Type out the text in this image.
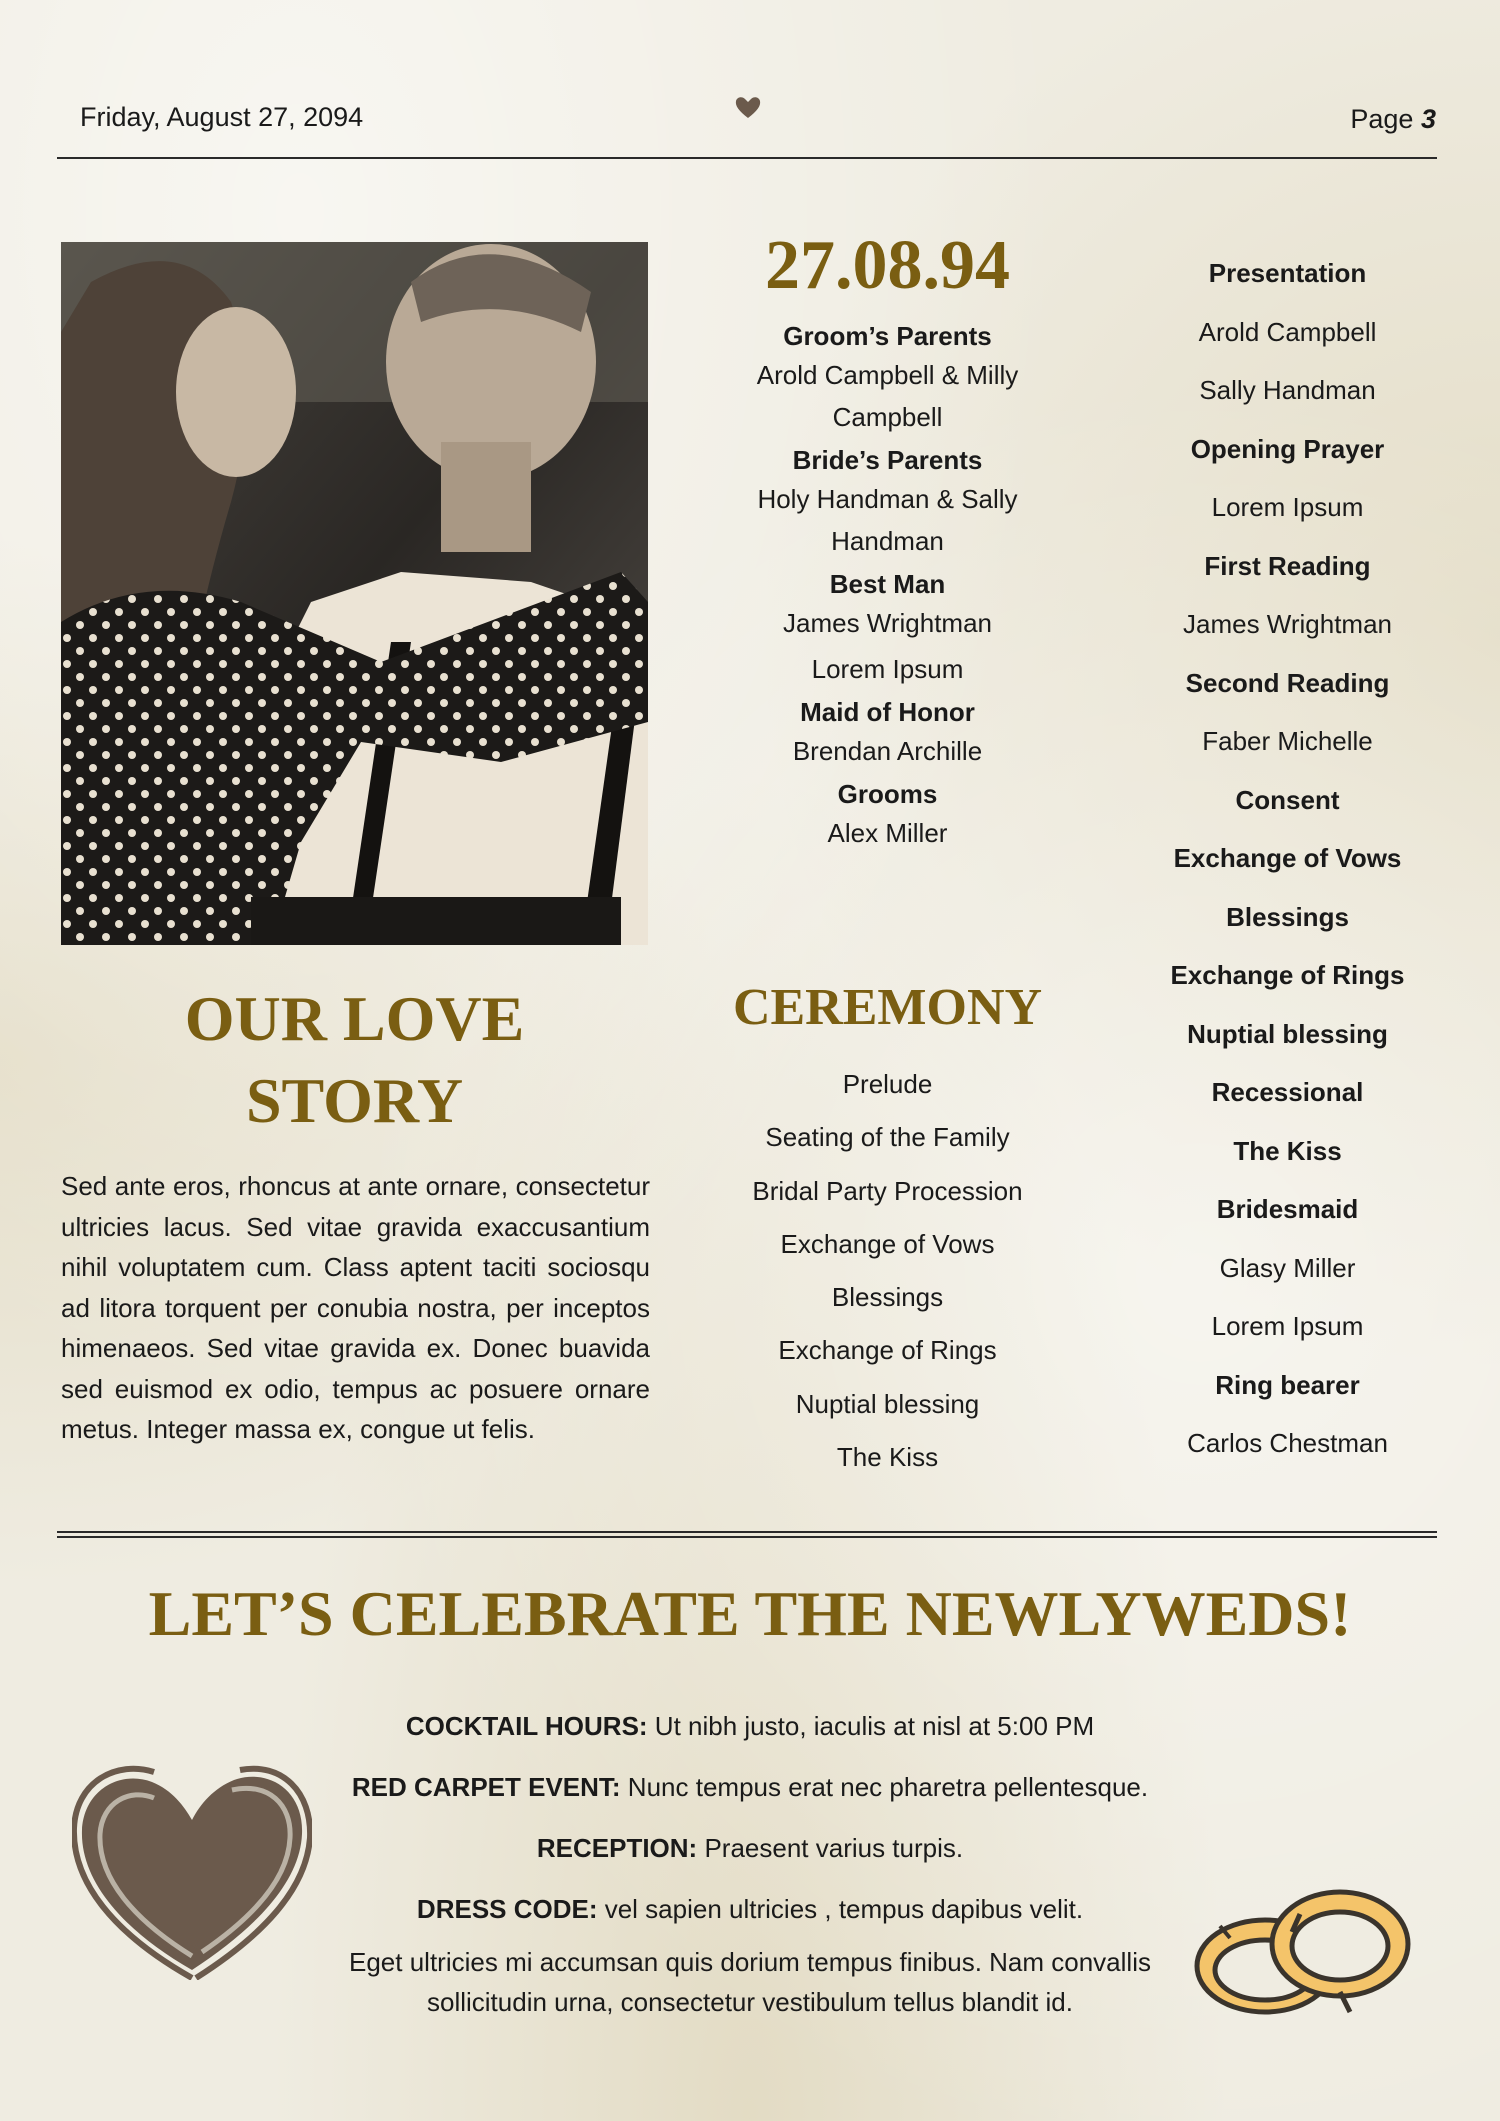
Friday, August 27, 2094	Page 3
OUR LOVE
STORY
Sed ante eros, rhoncus at ante ornare, consectetur ultricies lacus. Sed vitae gravida exaccusantium nihil voluptatem cum. Class aptent taciti sociosqu ad litora torquent per conubia nostra, per inceptos himenaeos. Sed vitae gravida ex. Donec buavida sed euismod ex odio, tempus ac posuere ornare metus. Integer massa ex, congue ut felis.
27.08.94
Groom’s Parents
Arold Campbell & Milly Campbell
Bride’s Parents
Holy Handman & Sally Handman
Best Man
James Wrightman
Lorem Ipsum
Maid of Honor
Brendan Archille
Grooms
Alex Miller
CEREMONY
Prelude
Seating of the Family
Bridal Party Procession
Exchange of Vows
Blessings
Exchange of Rings
Nuptial blessing
The Kiss
Presentation
Arold Campbell
Sally Handman
Opening Prayer
Lorem Ipsum
First Reading
James Wrightman
Second Reading
Faber Michelle
Consent
Exchange of Vows
Blessings
Exchange of Rings
Nuptial blessing
Recessional
The Kiss
Bridesmaid
Glasy Miller
Lorem Ipsum
Ring bearer
Carlos Chestman
LET’S CELEBRATE THE NEWLYWEDS!
COCKTAIL HOURS: Ut nibh justo, iaculis at nisl at 5:00 PM
RED CARPET EVENT: Nunc tempus erat nec pharetra pellentesque.
RECEPTION: Praesent varius turpis.
DRESS CODE: vel sapien ultricies , tempus dapibus velit.
Eget ultricies mi accumsan quis dorium tempus finibus. Nam convallis sollicitudin urna, consectetur vestibulum tellus blandit id.
